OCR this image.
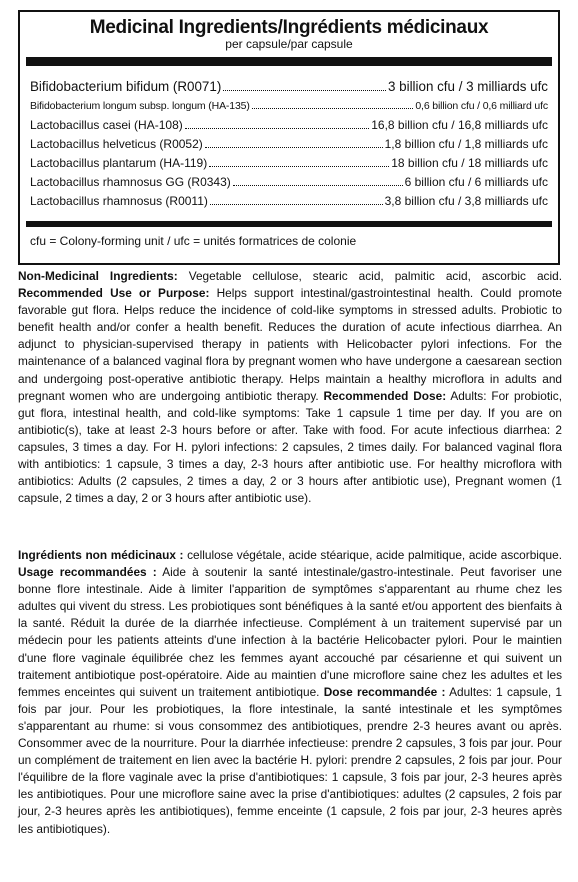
Medicinal Ingredients/Ingrédients médicinaux
per capsule/par capsule
Bifidobacterium bifidum (R0071)	3 billion cfu / 3 milliards ufc
Bifidobacterium longum subsp. longum (HA-135)	0,6 billion cfu / 0,6 milliard ufc
Lactobacillus casei (HA-108)	16,8 billion cfu / 16,8 milliards ufc
Lactobacillus helveticus (R0052)	1,8 billion cfu / 1,8 milliards ufc
Lactobacillus plantarum (HA-119)	18 billion cfu / 18 milliards ufc
Lactobacillus rhamnosus GG (R0343)	6 billion cfu / 6 milliards ufc
Lactobacillus rhamnosus (R0011)	3,8 billion cfu / 3,8 milliards ufc
cfu = Colony-forming unit / ufc = unités formatrices de colonie
Non-Medicinal Ingredients: Vegetable cellulose, stearic acid, palmitic acid, ascorbic acid. Recommended Use or Purpose: Helps support intestinal/gastrointestinal health. Could promote favorable gut flora. Helps reduce the incidence of cold-like symptoms in stressed adults. Probiotic to benefit health and/or confer a health benefit. Reduces the duration of acute infectious diarrhea. An adjunct to physician-supervised therapy in patients with Helicobacter pylori infections. For the maintenance of a balanced vaginal flora by pregnant women who have undergone a caesarean section and undergoing post-operative antibiotic therapy. Helps maintain a healthy microflora in adults and pregnant women who are undergoing antibiotic therapy. Recommended Dose: Adults: For probiotic, gut flora, intestinal health, and cold-like symptoms: Take 1 capsule 1 time per day. If you are on antibiotic(s), take at least 2-3 hours before or after. Take with food. For acute infectious diarrhea: 2 capsules, 3 times a day. For H. pylori infections: 2 capsules, 2 times daily. For balanced vaginal flora with antibiotics: 1 capsule, 3 times a day, 2-3 hours after antibiotic use. For healthy microflora with antibiotics: Adults (2 capsules, 2 times a day, 2 or 3 hours after antibiotic use), Pregnant women (1 capsule, 2 times a day, 2 or 3 hours after antibiotic use).
Ingrédients non médicinaux : cellulose végétale, acide stéarique, acide palmitique, acide ascorbique. Usage recommandées : Aide à soutenir la santé intestinale/gastro-intestinale. Peut favoriser une bonne flore intestinale. Aide à limiter l'apparition de symptômes s'apparentant au rhume chez les adultes qui vivent du stress. Les probiotiques sont bénéfiques à la santé et/ou apportent des bienfaits à la santé. Réduit la durée de la diarrhée infectieuse. Complément à un traitement supervisé par un médecin pour les patients atteints d'une infection à la bactérie Helicobacter pylori. Pour le maintien d'une flore vaginale équilibrée chez les femmes ayant accouché par césarienne et qui suivent un traitement antibiotique post-opératoire. Aide au maintien d'une microflore saine chez les adultes et les femmes enceintes qui suivent un traitement antibiotique. Dose recommandée : Adultes: 1 capsule, 1 fois par jour. Pour les probiotiques, la flore intestinale, la santé intestinale et les symptômes s'apparentant au rhume: si vous consommez des antibiotiques, prendre 2-3 heures avant ou après. Consommer avec de la nourriture. Pour la diarrhée infectieuse: prendre 2 capsules, 3 fois par jour. Pour un complément de traitement en lien avec la bactérie H. pylori: prendre 2 capsules, 2 fois par jour. Pour l'équilibre de la flore vaginale avec la prise d'antibiotiques: 1 capsule, 3 fois par jour, 2-3 heures après les antibiotiques. Pour une microflore saine avec la prise d'antibiotiques: adultes (2 capsules, 2 fois par jour, 2-3 heures après les antibiotiques), femme enceinte (1 capsule, 2 fois par jour, 2-3 heures après les antibiotiques).
